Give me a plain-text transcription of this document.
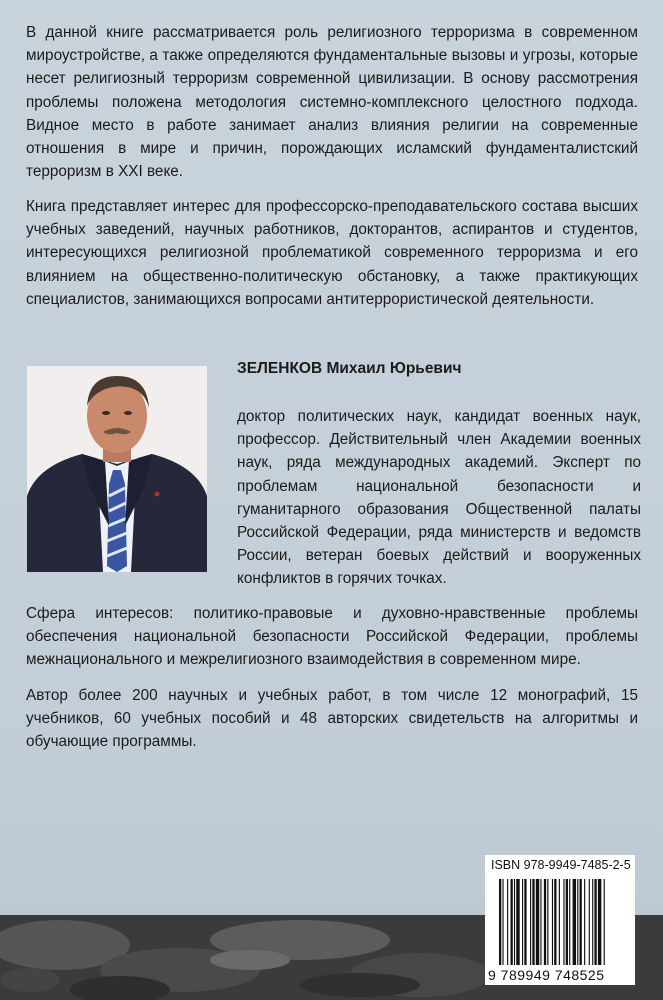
В данной книге рассматривается роль религиозного терроризма в современном мироустройстве, а также определяются фундаментальные вызовы и угрозы, которые несет религиозный терроризм современной цивилизации. В основу рассмотрения проблемы положена методология системно-комплексного целостного подхода. Видное место в работе занимает анализ влияния религии на современные отношения в мире и причин, порождающих исламский фундаменталистский терроризм в XXI веке.

Книга представляет интерес для профессорско-преподавательского состава высших учебных заведений, научных работников, докторантов, аспирантов и студентов, интересующихся религиозной проблематикой современного терроризма и его влиянием на общественно-политическую обстановку, а также практикующих специалистов, занимающихся вопросами антитеррористической деятельности.

ЗЕЛЕНКОВ Михаил Юрьевич

доктор политических наук, кандидат военных наук, профессор. Действительный член Академии военных наук, ряда международных академий. Эксперт по проблемам национальной безопасности и гуманитарного образования Общественной палаты Российской Федерации, ряда министерств и ведомств России, ветеран боевых действий и вооруженных конфликтов в горячих точках.

Сфера интересов: политико-правовые и духовно-нравственные проблемы обеспечения национальной безопасности Российской Федерации, проблемы межнационального и межрелигиозного взаимодействия в современном мире.

Автор более 200 научных и учебных работ, в том числе 12 монографий, 15 учебников, 60 учебных пособий и 48 авторских свидетельств на алгоритмы и обучающие программы.

ISBN 978-9949-7485-2-5
9 789949 748525
